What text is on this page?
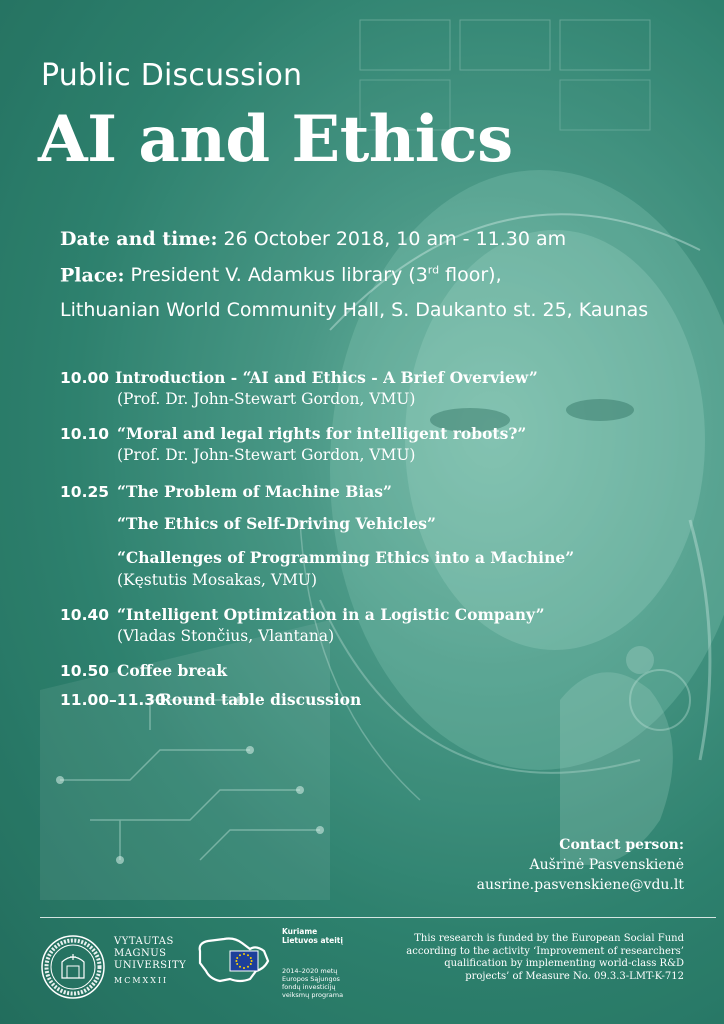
Public Discussion
AI and Ethics
Date and time: 26 October 2018, 10 am - 11.30 am
Place: President V. Adamkus library (3rd floor),
Lithuanian World Community Hall, S. Daukanto st. 25, Kaunas
10.00 Introduction - “AI and Ethics - A Brief Overview”
(Prof. Dr. John-Stewart Gordon, VMU)
10.10 “Moral and legal rights for intelligent robots?”
(Prof. Dr. John-Stewart Gordon, VMU)
10.25 “The Problem of Machine Bias”
“The Ethics of Self-Driving Vehicles”
“Challenges of Programming Ethics into a Machine”
(Kęstutis Mosakas, VMU)
10.40 “Intelligent Optimization in a Logistic Company”
(Vladas Stončius, Vlantana)
10.50 Coffee break
11.00–11.30Round table discussion
Contact person:
Aušrinė Pasvenskienė
ausrine.pasvenskiene@vdu.lt
VYTAUTAS
MAGNUS
UNIVERSITY
MCMXXII
Kuriame
Lietuvos ateitį
2014–2020 metų
Europos Sąjungos
fondų investicijų
veiksmų programa
This research is funded by the European Social Fund
according to the activity ‘Improvement of researchers’
qualification by implementing world-class R&D
projects’ of Measure No. 09.3.3-LMT-K-712
